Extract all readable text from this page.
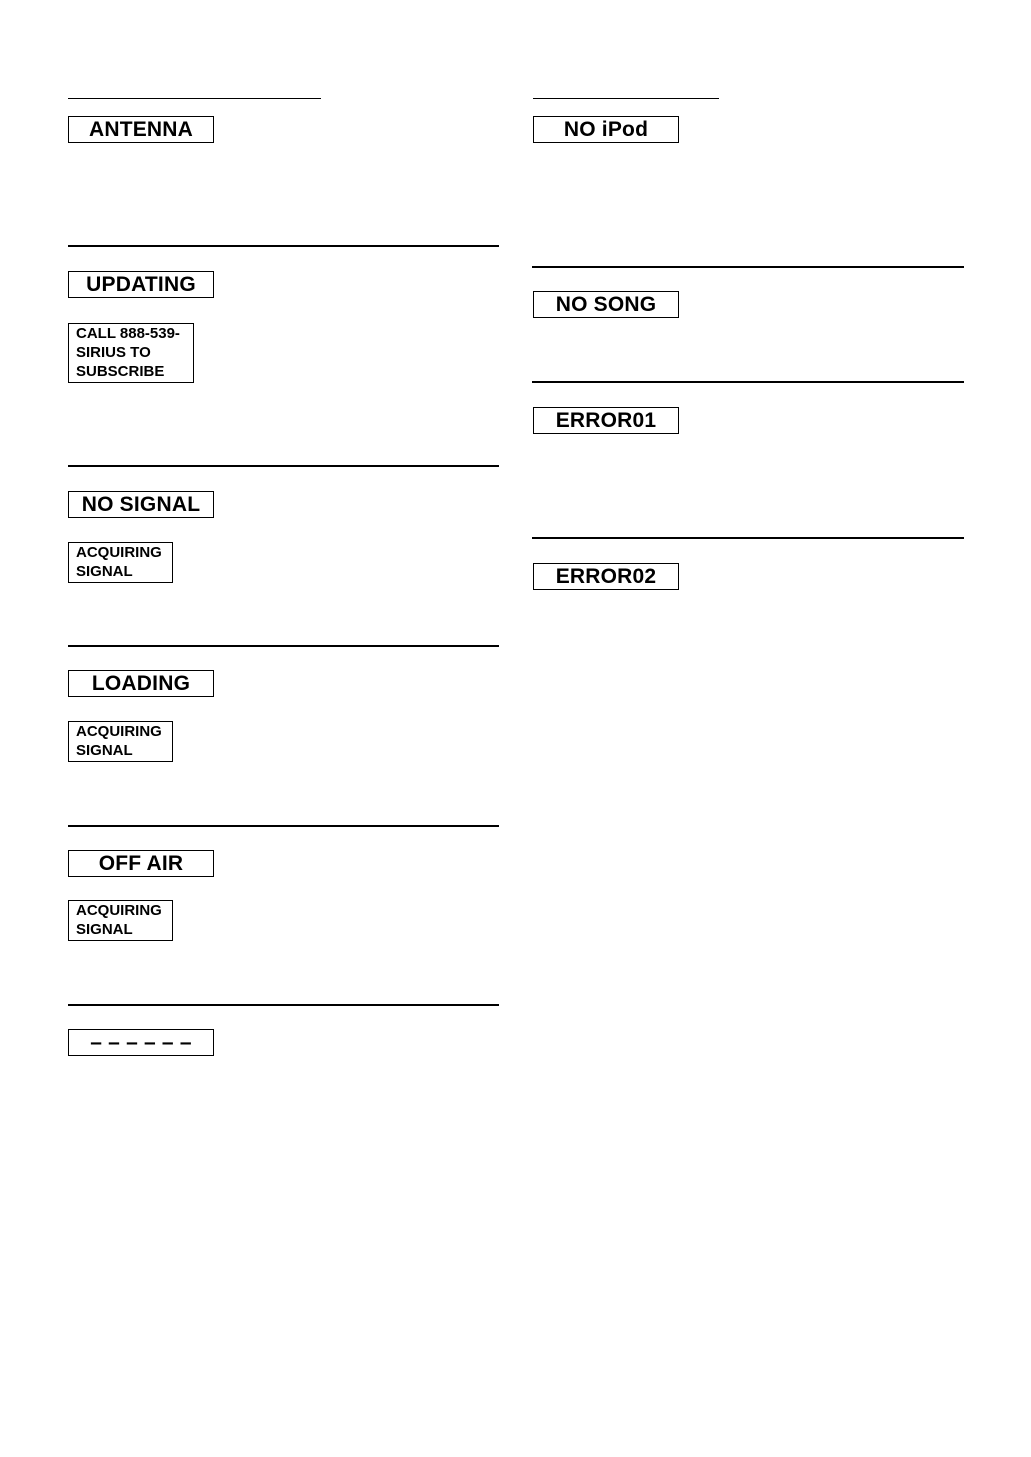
ANTENNA
UPDATING
CALL 888-539-
SIRIUS TO
SUBSCRIBE
NO SIGNAL
ACQUIRING
SIGNAL
LOADING
ACQUIRING
SIGNAL
OFF AIR
ACQUIRING
SIGNAL
– – – – – –
NO iPod
NO SONG
ERROR01
ERROR02
